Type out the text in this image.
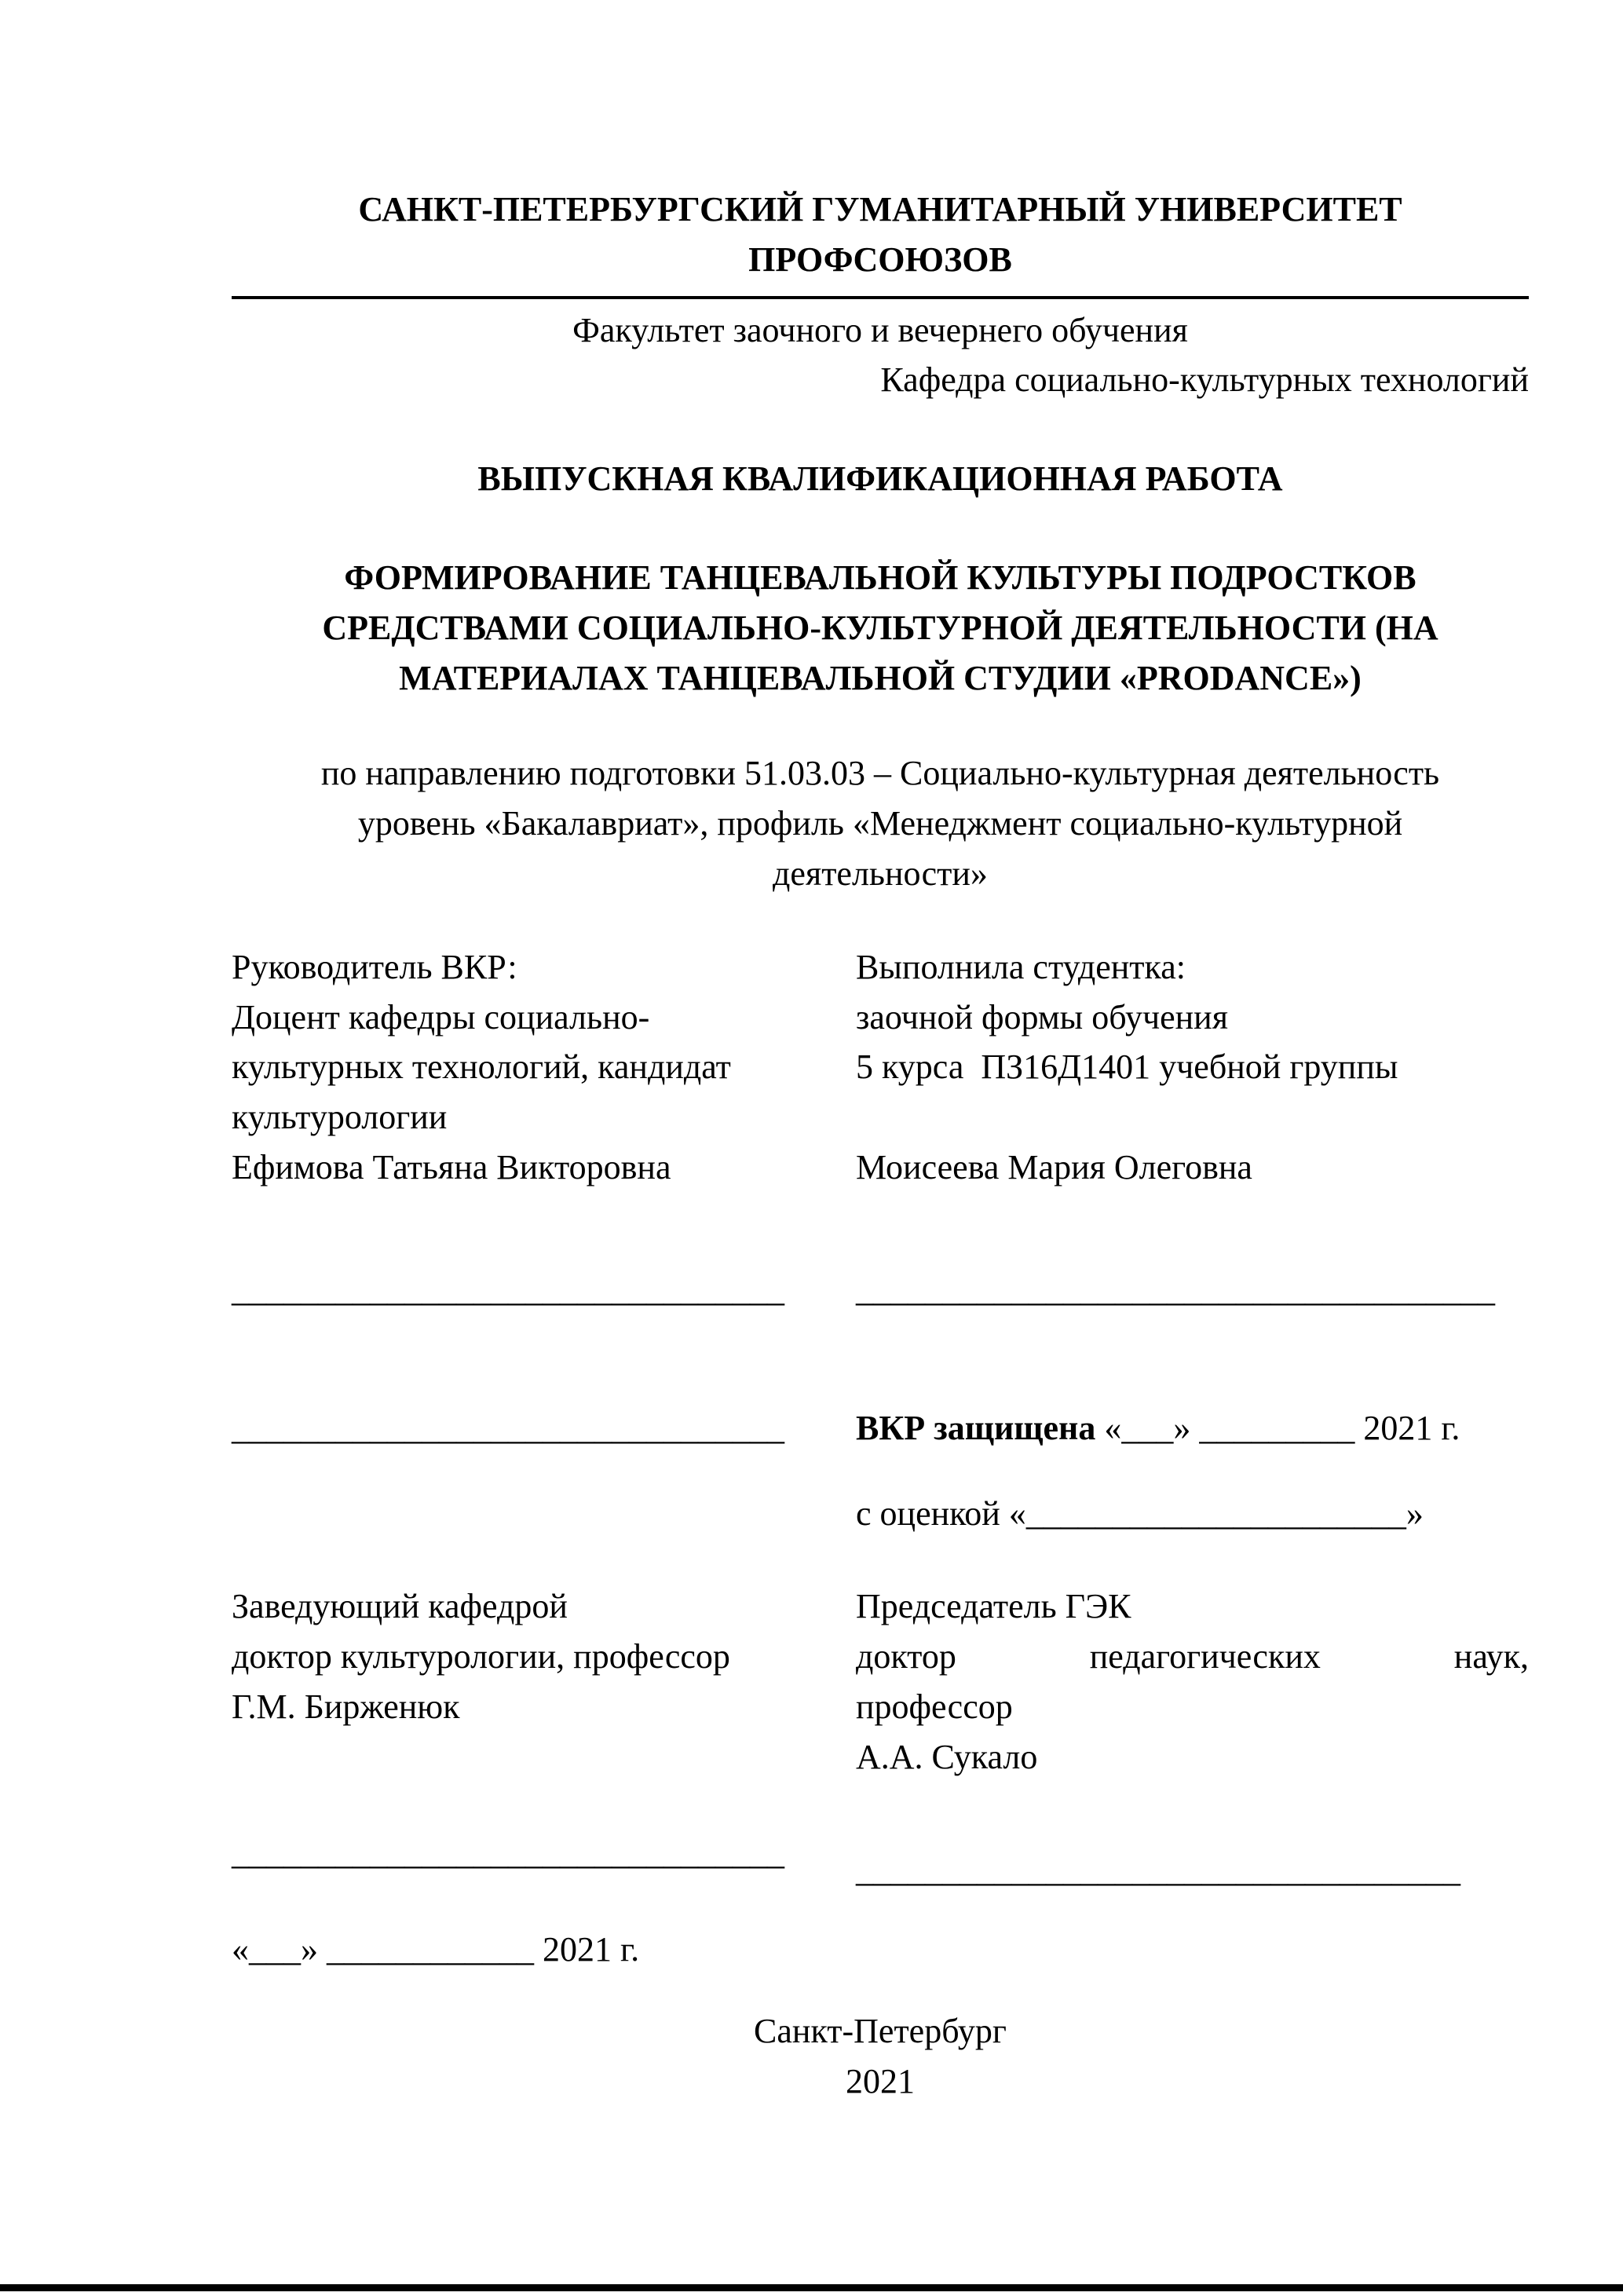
САНКТ-ПЕТЕРБУРГСКИЙ ГУМАНИТАРНЫЙ УНИВЕРСИТЕТ ПРОФСОЮЗОВ
Факультет заочного и вечернего обучения
Кафедра социально-культурных технологий
ВЫПУСКНАЯ КВАЛИФИКАЦИОННАЯ РАБОТА
ФОРМИРОВАНИЕ ТАНЦЕВАЛЬНОЙ КУЛЬТУРЫ ПОДРОСТКОВ
СРЕДСТВАМИ СОЦИАЛЬНО-КУЛЬТУРНОЙ ДЕЯТЕЛЬНОСТИ (НА
МАТЕРИАЛАХ ТАНЦЕВАЛЬНОЙ СТУДИИ «PRODANCE»)
по направлению подготовки 51.03.03 – Социально-культурная деятельность
уровень «Бакалавриат», профиль «Менеджмент социально-культурной
деятельности»
Руководитель ВКР:
Доцент кафедры социально-
культурных технологий, кандидат
культурологии
Ефимова Татьяна Викторовна
Выполнила студентка:
заочной формы обучения
5 курса  ПЗ16Д1401 учебной группы
Моисеева Мария Олеговна
________________________________	_____________________________________
________________________________	ВКР защищена «___» _________ 2021 г.
с оценкой «______________________»
Заведующий кафедрой
доктор культурологии, профессор
Г.М. Бирженюк
Председатель ГЭК
доктор педагогических наук,
профессор
А.А. Сукало
________________________________	___________________________________
«___» ____________ 2021 г.
Санкт-Петербург
2021
